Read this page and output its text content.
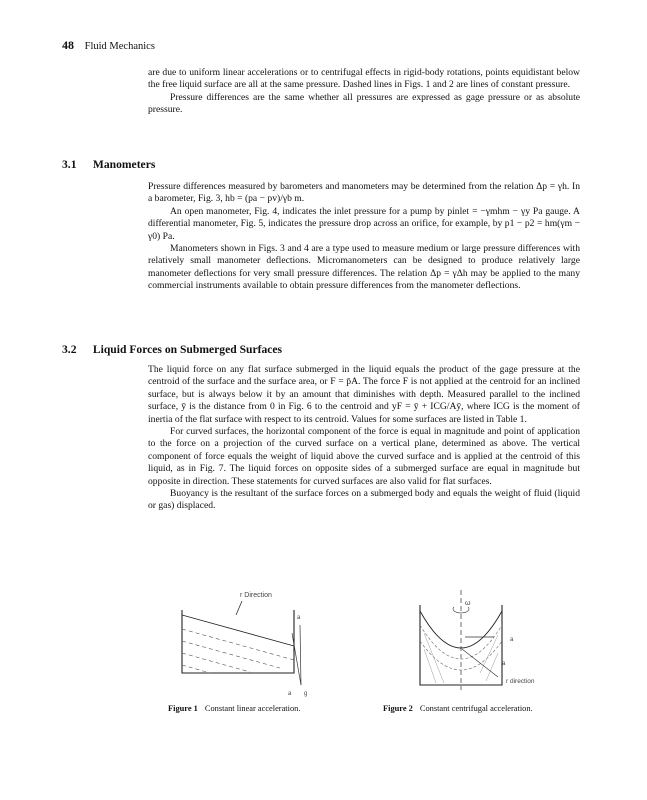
48 Fluid Mechanics

are due to uniform linear accelerations or to centrifugal effects in rigid-body rotations, points equidistant below the free liquid surface are all at the same pressure. Dashed lines in Figs. 1 and 2 are lines of constant pressure.

Pressure differences are the same whether all pressures are expressed as gage pressure or as absolute pressure.

3.1 Manometers

Pressure differences measured by barometers and manometers may be determined from the relation Δp = γh. In a barometer, Fig. 3, hb = (pa − pv)/γb m.

An open manometer, Fig. 4, indicates the inlet pressure for a pump by pinlet = −γmhm − γy Pa gauge. A differential manometer, Fig. 5, indicates the pressure drop across an orifice, for example, by p1 − p2 = hm(γm − γ0) Pa.

Manometers shown in Figs. 3 and 4 are a type used to measure medium or large pressure differences with relatively small manometer deflections. Micromanometers can be designed to produce relatively large manometer deflections for very small pressure differences. The relation Δp = γΔh may be applied to the many commercial instruments available to obtain pressure differences from the manometer deflections.

3.2 Liquid Forces on Submerged Surfaces

The liquid force on any flat surface submerged in the liquid equals the product of the gage pressure at the centroid of the surface and the surface area, or F = p̄A. The force F is not applied at the centroid for an inclined surface, but is always below it by an amount that diminishes with depth. Measured parallel to the inclined surface, ȳ is the distance from 0 in Fig. 6 to the centroid and yF = ȳ + ICG/Aȳ, where ICG is the moment of inertia of the flat surface with respect to its centroid. Values for some surfaces are listed in Table 1.

For curved surfaces, the horizontal component of the force is equal in magnitude and point of application to the force on a projection of the curved surface on a vertical plane, determined as above. The vertical component of force equals the weight of liquid above the curved surface and is applied at the centroid of this liquid, as in Fig. 7. The liquid forces on opposite sides of a submerged surface are equal in magnitude but opposite in direction. These statements for curved surfaces are also valid for flat surfaces.

Buoyancy is the resultant of the surface forces on a submerged body and equals the weight of fluid (liquid or gas) displaced.

r Direction
a
a g
Figure 1 Constant linear acceleration.
ω
a
a
r direction
Figure 2 Constant centrifugal acceleration.
